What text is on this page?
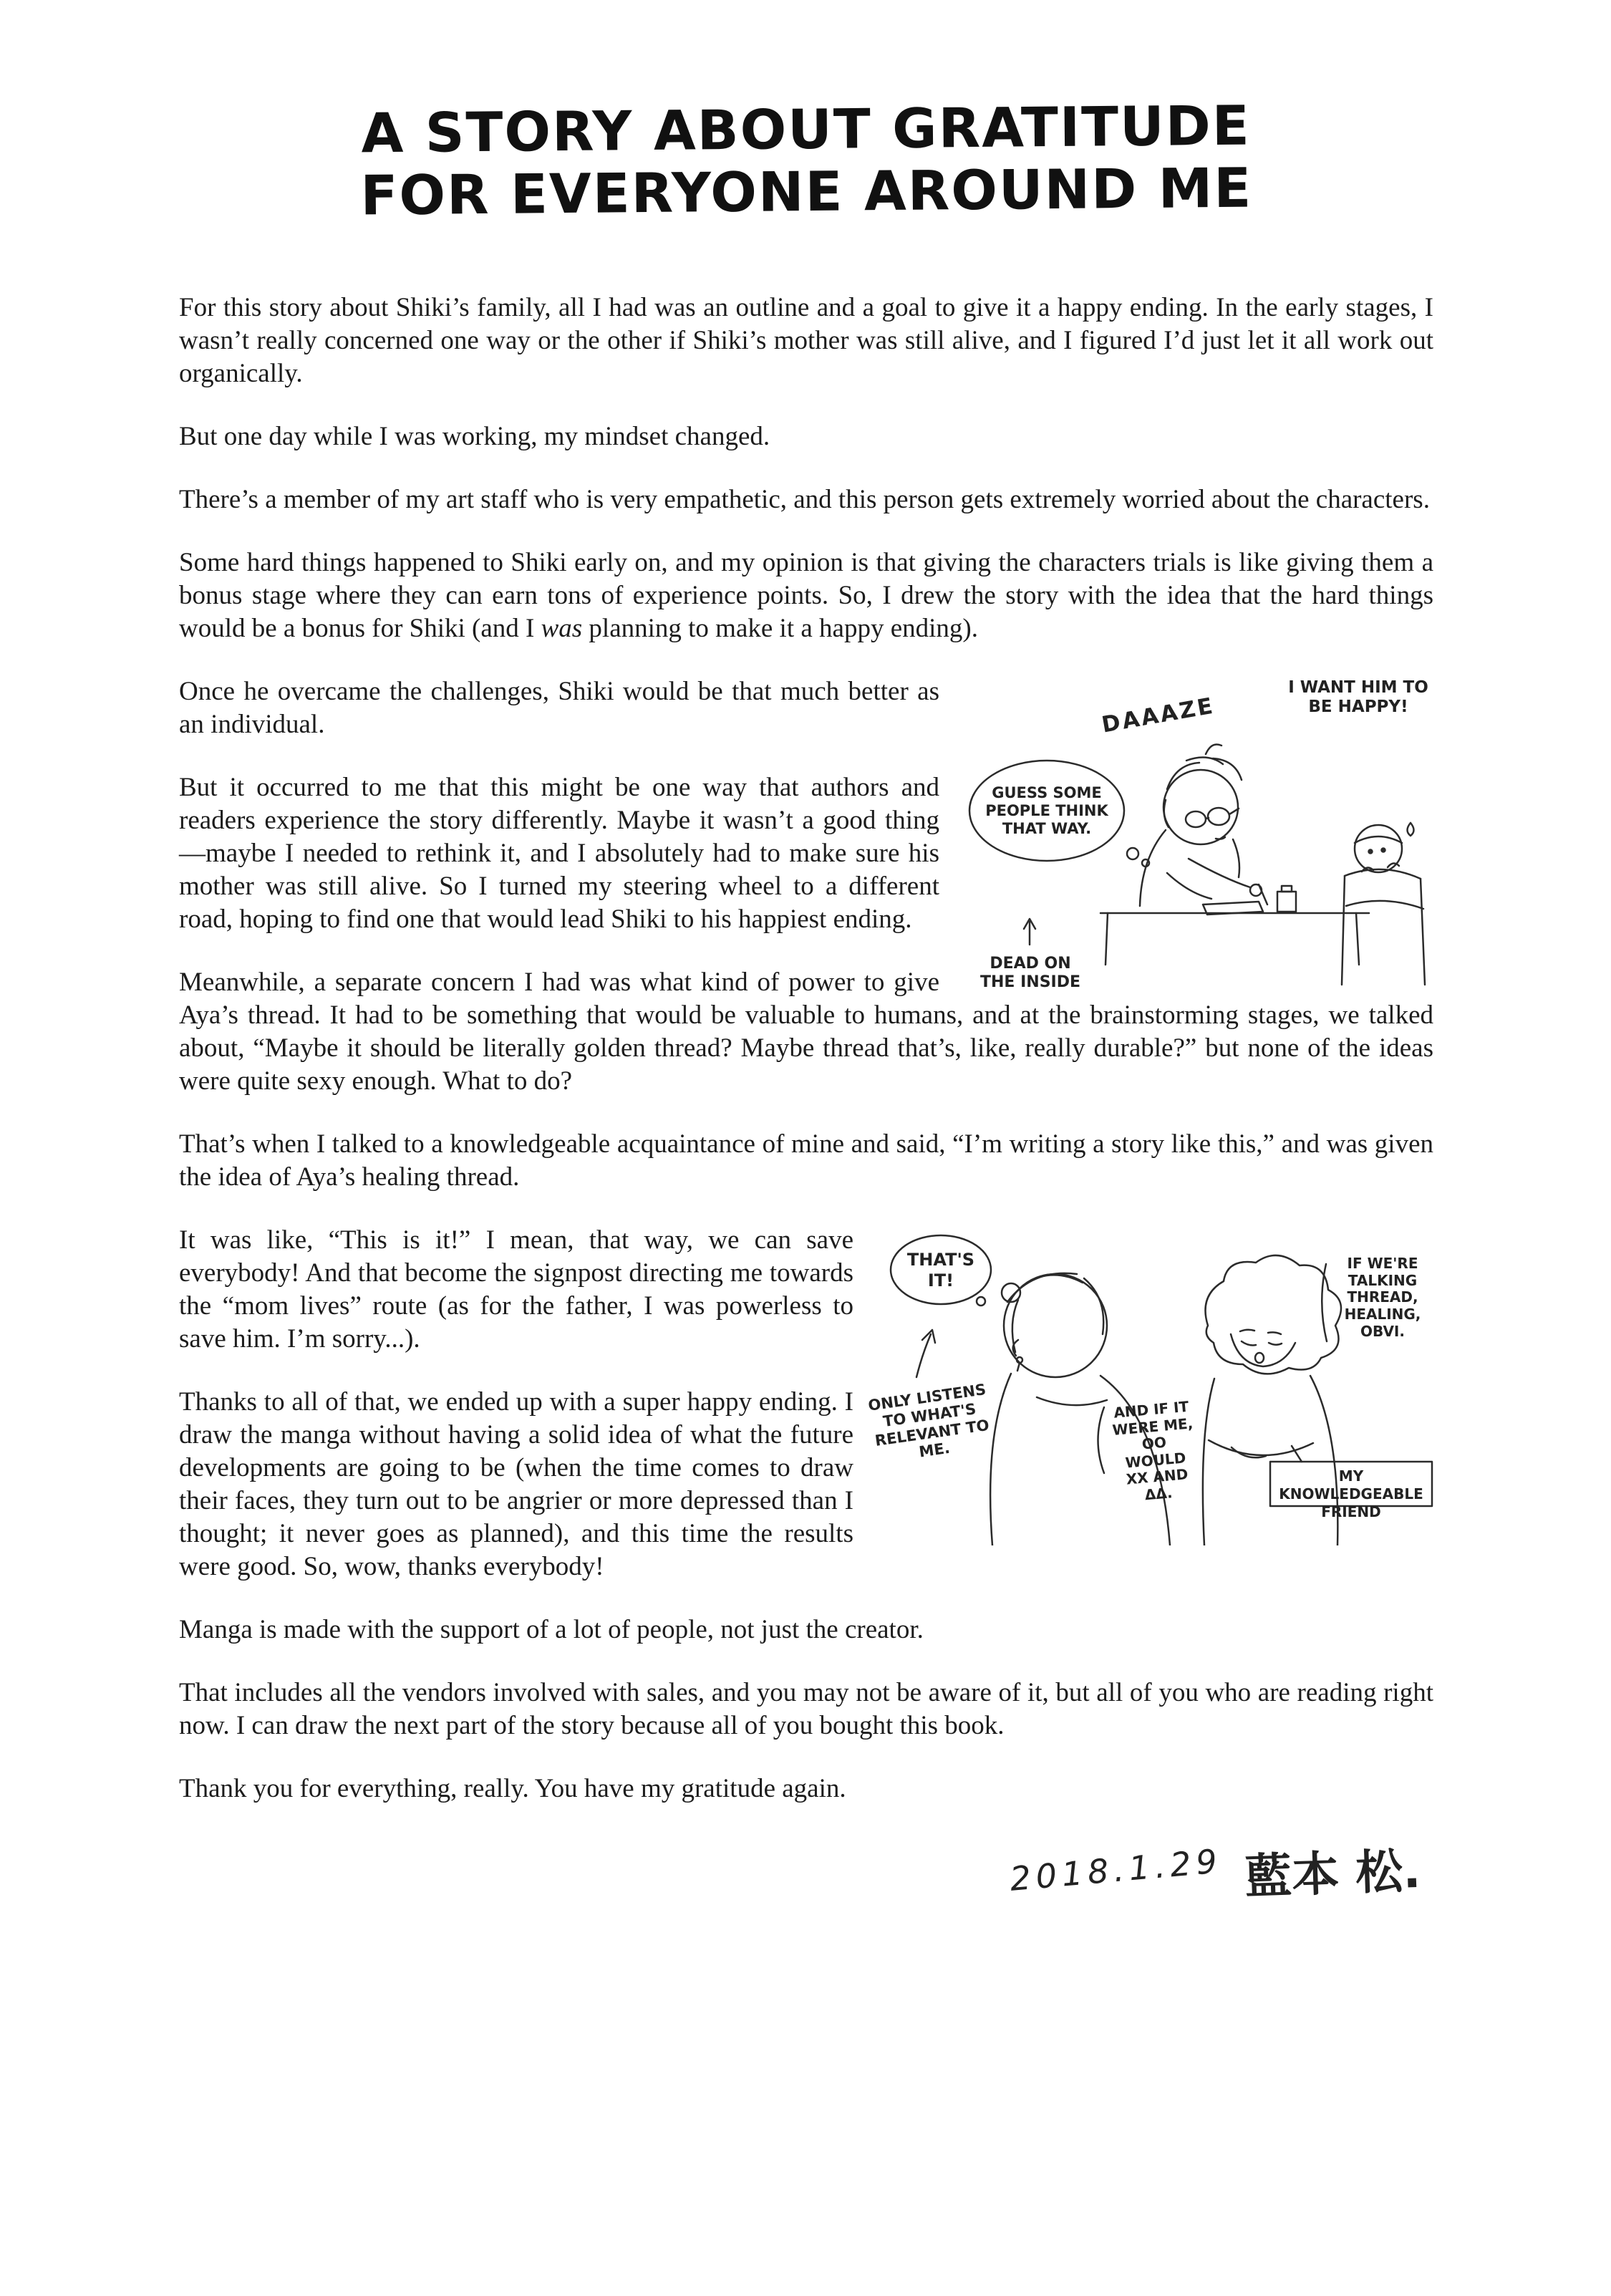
A STORY ABOUT GRATITUDE
FOR EVERYONE AROUND ME

For this story about Shiki’s family, all I had was an outline and a goal to give it a happy ending. In the early stages, I wasn’t really concerned one way or the other if Shiki’s mother was still alive, and I figured I’d just let it all work out organically.

But one day while I was working, my mindset changed.

There’s a member of my art staff who is very empathetic, and this person gets extremely worried about the characters.

Some hard things happened to Shiki early on, and my opinion is that giving the characters trials is like giving them a bonus stage where they can earn tons of experience points. So, I drew the story with the idea that the hard things would be a bonus for Shiki (and I was planning to make it a happy ending).

DAAAZE
I WANT HIM TO BE HAPPY!
GUESS SOME PEOPLE THINK THAT WAY.
DEAD ON THE INSIDE

Once he overcame the challenges, Shiki would be that much better as an individual.

But it occurred to me that this might be one way that authors and readers experience the story differently. Maybe it wasn’t a good thing—maybe I needed to rethink it, and I absolutely had to make sure his mother was still alive. So I turned my steering wheel to a different road, hoping to find one that would lead Shiki to his happiest ending.

Meanwhile, a separate concern I had was what kind of power to give Aya’s thread. It had to be something that would be valuable to humans, and at the brainstorming stages, we talked about, “Maybe it should be literally golden thread? Maybe thread that’s, like, really durable?” but none of the ideas were quite sexy enough. What to do?

That’s when I talked to a knowledgeable acquaintance of mine and said, “I’m writing a story like this,” and was given the idea of Aya’s healing thread.

THAT'S IT!
ONLY LISTENS TO WHAT'S RELEVANT TO ME.
IF WE'RE TALKING THREAD, HEALING, OBVI.
AND IF IT WERE ME, OO WOULD XX AND ΔΔ.
MY KNOWLEDGEABLE FRIEND

It was like, “This is it!” I mean, that way, we can save everybody! And that become the signpost directing me towards the “mom lives” route (as for the father, I was powerless to save him. I’m sorry...).

Thanks to all of that, we ended up with a super happy ending. I draw the manga without having a solid idea of what the future developments are going to be (when the time comes to draw their faces, they turn out to be angrier or more depressed than I thought; it never goes as planned), and this time the results were good. So, wow, thanks everybody!

Manga is made with the support of a lot of people, not just the creator.

That includes all the vendors involved with sales, and you may not be aware of it, but all of you who are reading right now. I can draw the next part of the story because all of you bought this book.

Thank you for everything, really. You have my gratitude again.

2018.1.29 藍本 松.
